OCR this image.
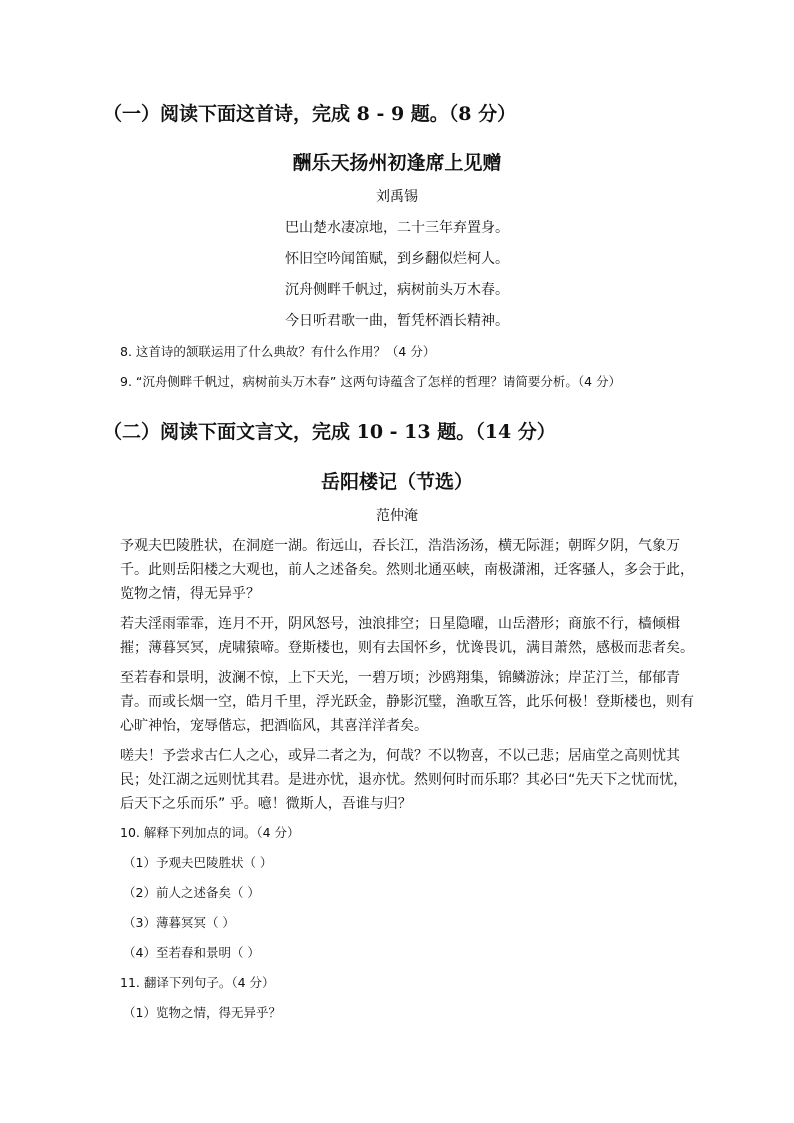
（一）阅读下面这首诗，完成 8 - 9 题。（8 分）
酬乐天扬州初逢席上见赠
刘禹锡
巴山楚水凄凉地，二十三年弃置身。
怀旧空吟闻笛赋，到乡翻似烂柯人。
沉舟侧畔千帆过，病树前头万木春。
今日听君歌一曲，暂凭杯酒长精神。
8. 这首诗的颔联运用了什么典故？有什么作用？（4 分）
9. “沉舟侧畔千帆过，病树前头万木春” 这两句诗蕴含了怎样的哲理？请简要分析。（4 分）
（二）阅读下面文言文，完成 10 - 13 题。（14 分）
岳阳楼记（节选）
范仲淹
予观夫巴陵胜状，在洞庭一湖。衔远山，吞长江，浩浩汤汤，横无际涯；朝晖夕阴，气象万
千。此则岳阳楼之大观也，前人之述备矣。然则北通巫峡，南极潇湘，迁客骚人，多会于此，
览物之情，得无异乎？
若夫淫雨霏霏，连月不开，阴风怒号，浊浪排空；日星隐曜，山岳潜形；商旅不行，樯倾楫
摧；薄暮冥冥，虎啸猿啼。登斯楼也，则有去国怀乡，忧谗畏讥，满目萧然，感极而悲者矣。
至若春和景明，波澜不惊，上下天光，一碧万顷；沙鸥翔集，锦鳞游泳；岸芷汀兰，郁郁青
青。而或长烟一空，皓月千里，浮光跃金，静影沉璧，渔歌互答，此乐何极！登斯楼也，则有
心旷神怡，宠辱偕忘，把酒临风，其喜洋洋者矣。
嗟夫！予尝求古仁人之心，或异二者之为，何哉？不以物喜，不以己悲；居庙堂之高则忧其
民；处江湖之远则忧其君。是进亦忧，退亦忧。然则何时而乐耶？其必曰“先天下之忧而忧，
后天下之乐而乐” 乎。噫！微斯人，吾谁与归？
10. 解释下列加点的词。（4 分）
（1）予观夫巴陵胜状（ ）
（2）前人之述备矣（ ）
（3）薄暮冥冥（ ）
（4）至若春和景明（ ）
11. 翻译下列句子。（4 分）
（1）览物之情，得无异乎？
